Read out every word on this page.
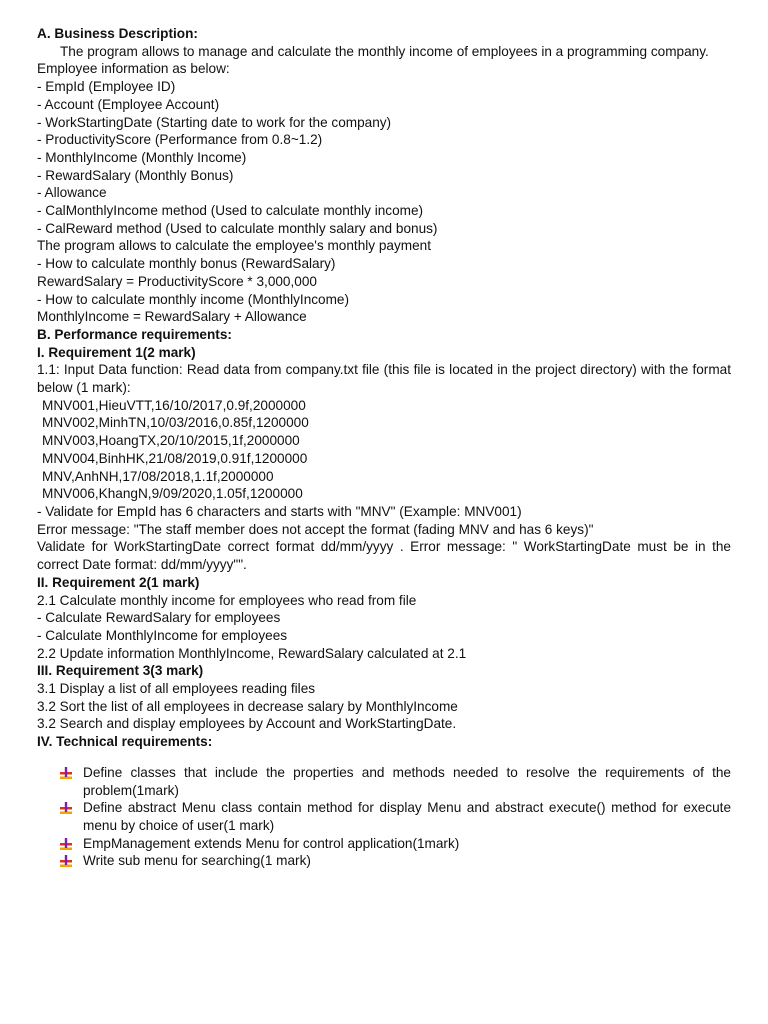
A. Business Description:
The program allows to manage and calculate the monthly income of employees in a programming company.
Employee information as below:
- EmpId (Employee ID)
- Account (Employee Account)
- WorkStartingDate (Starting date to work for the company)
- ProductivityScore (Performance from 0.8~1.2)
- MonthlyIncome (Monthly Income)
- RewardSalary (Monthly Bonus)
- Allowance
- CalMonthlyIncome method (Used to calculate monthly income)
- CalReward method (Used to calculate monthly salary and bonus)
The program allows to calculate the employee's monthly payment
- How to calculate monthly bonus (RewardSalary)
RewardSalary = ProductivityScore * 3,000,000
- How to calculate monthly income (MonthlyIncome)
MonthlyIncome = RewardSalary + Allowance
B. Performance requirements:
I. Requirement 1(2 mark)
1.1: Input Data function: Read data from company.txt file (this file is located in the project directory) with the format below (1 mark):
MNV001,HieuVTT,16/10/2017,0.9f,2000000
MNV002,MinhTN,10/03/2016,0.85f,1200000
MNV003,HoangTX,20/10/2015,1f,2000000
MNV004,BinhHK,21/08/2019,0.91f,1200000
MNV,AnhNH,17/08/2018,1.1f,2000000
MNV006,KhangN,9/09/2020,1.05f,1200000
- Validate for EmpId has 6 characters and starts with "MNV" (Example: MNV001)
Error message: "The staff member does not accept the format (fading MNV and has 6 keys)"
Validate for WorkStartingDate correct format dd/mm/yyyy . Error message: " WorkStartingDate must be in the correct Date format: dd/mm/yyyy"".
II. Requirement 2(1 mark)
2.1 Calculate monthly income for employees who read from file
- Calculate RewardSalary for employees
- Calculate MonthlyIncome for employees
2.2 Update information MonthlyIncome, RewardSalary calculated at 2.1
III. Requirement 3(3 mark)
3.1 Display a list of all employees reading files
3.2 Sort the list of all employees in decrease salary by MonthlyIncome
3.2 Search and display employees by Account and WorkStartingDate.
IV. Technical requirements:
Define classes that include the properties and methods needed to resolve the requirements of the problem(1mark)
Define abstract Menu class contain method for display Menu and abstract execute() method for execute menu by choice of user(1 mark)
EmpManagement extends Menu for control application(1mark)
Write sub menu for searching(1 mark)
